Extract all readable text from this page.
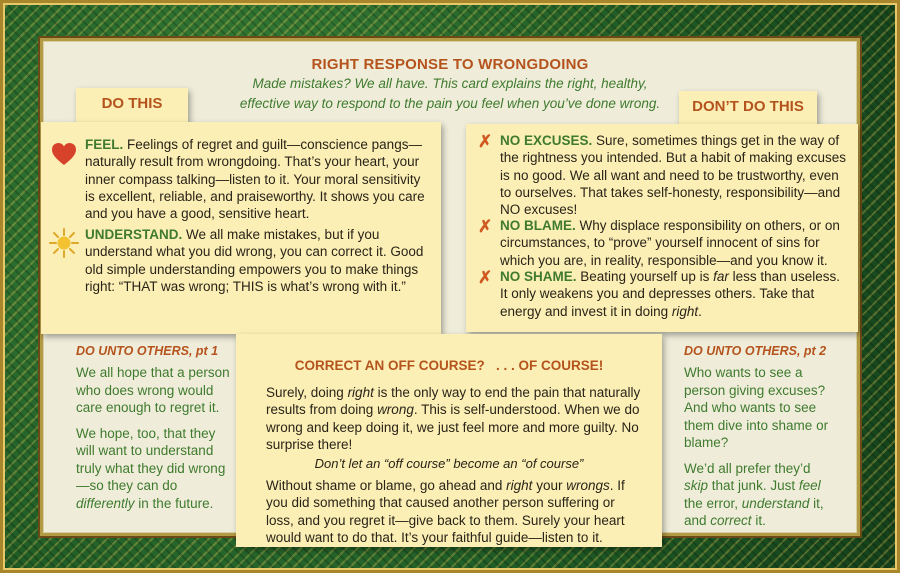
RIGHT RESPONSE TO WRONGDOING
Made mistakes? We all have. This card explains the right, healthy,
effective way to respond to the pain you feel when you’ve done wrong.
DO THIS	DON’T DO THIS
FEEL. Feelings of regret and guilt—conscience pangs—naturally result from wrongdoing. That’s your heart, your inner compass talking—listen to it. Your moral sensitivity is excellent, reliable, and praiseworthy. It shows you care and you have a good, sensitive heart.
UNDERSTAND. We all make mistakes, but if you understand what you did wrong, you can correct it. Good old simple understanding empowers you to make things right: “THAT was wrong; THIS is what’s wrong with it.”
✗ NO EXCUSES. Sure, sometimes things get in the way of the rightness you intended. But a habit of making excuses is no good. We all want and need to be trustworthy, even to ourselves. That takes self-honesty, responsibility—and NO excuses!
✗ NO BLAME. Why displace responsibility on others, or on circumstances, to “prove” yourself innocent of sins for which you are, in reality, responsible—and you know it.
✗ NO SHAME. Beating yourself up is far less than useless. It only weakens you and depresses others. Take that energy and invest it in doing right.
DO UNTO OTHERS, pt 1
We all hope that a person who does wrong would care enough to regret it.
We hope, too, that they will want to understand truly what they did wrong—so they can do differently in the future.
DO UNTO OTHERS, pt 2
Who wants to see a person giving excuses? And who wants to see them dive into shame or blame?
We’d all prefer they’d skip that junk. Just feel the error, understand it, and correct it.
CORRECT AN OFF COURSE?   . . . OF COURSE!
Surely, doing right is the only way to end the pain that naturally results from doing wrong. This is self-understood. When we do wrong and keep doing it, we just feel more and more guilty. No surprise there!
Don’t let an “off course” become an “of course”
Without shame or blame, go ahead and right your wrongs. If you did something that caused another person suffering or loss, and you regret it—give back to them. Surely your heart would want to do that. It’s your faithful guide—listen to it.
